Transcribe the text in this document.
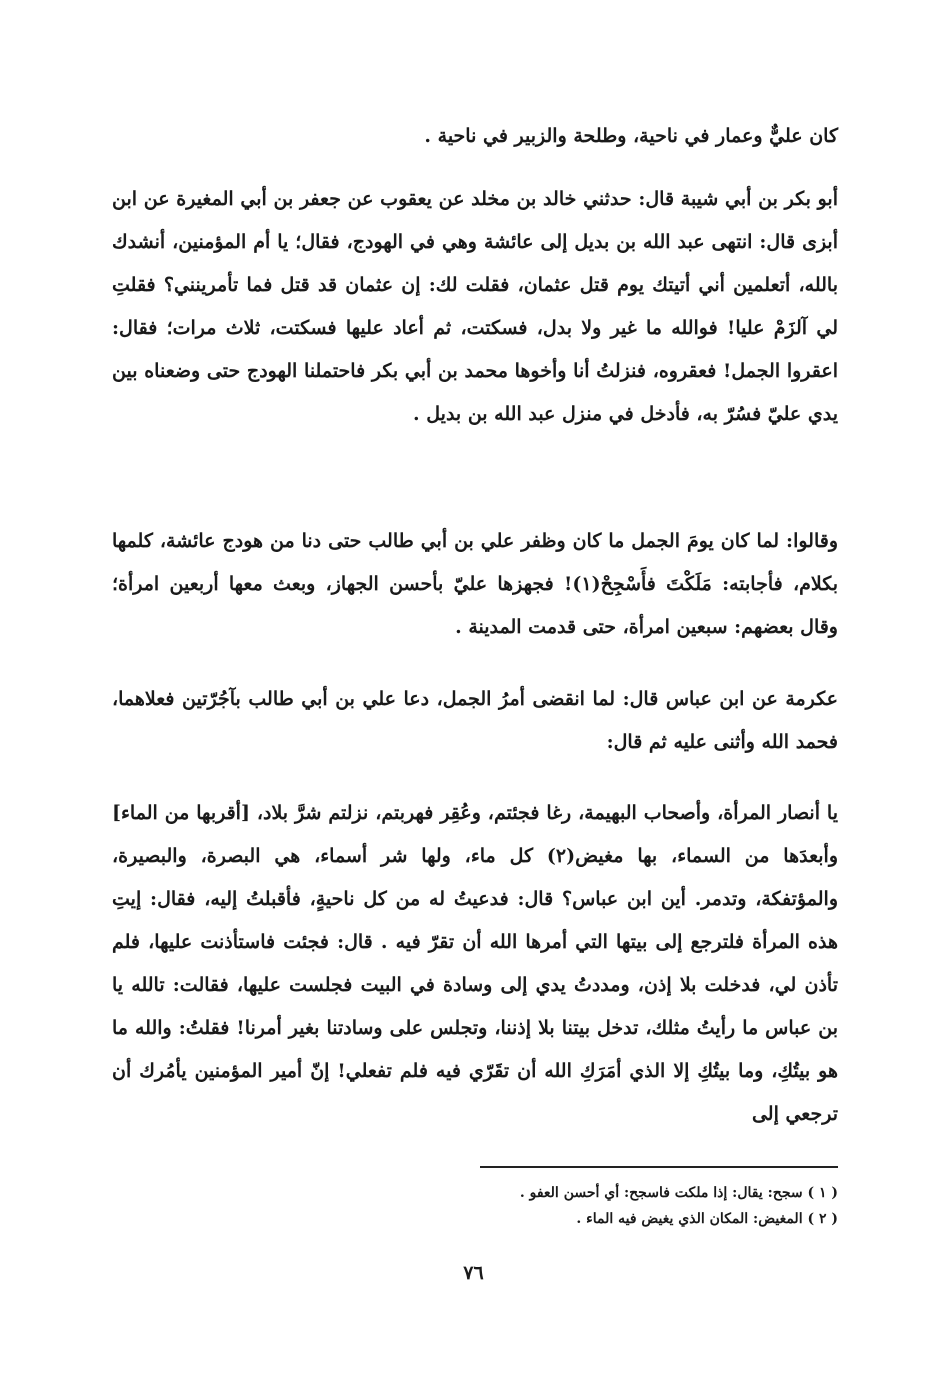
كان عليٌّ وعمار في ناحية، وطلحة والزبير في ناحية .

أبو بكر بن أبي شيبة قال: حدثني خالد بن مخلد عن يعقوب عن جعفر بن أبي المغيرة عن ابن أبزى قال: انتهى عبد الله بن بديل إلى عائشة وهي في الهودج، فقال؛ يا أم المؤمنين، أنشدك بالله، أتعلمين أني أتيتك يوم قتل عثمان، فقلت لك: إن عثمان قد قتل فما تأمرينني؟ فقلتِ لي آلزَمْ عليا! فوالله ما غير ولا بدل، فسكتت، ثم أعاد عليها فسكتت، ثلاث مرات؛ فقال: اعقروا الجمل! فعقروه، فنزلتُ أنا وأخوها محمد بن أبي بكر فاحتملنا الهودج حتى وضعناه بين يدي عليّ فسُرّ به، فأدخل في منزل عبد الله بن بديل .

وقالوا: لما كان يومَ الجمل ما كان وظفر علي بن أبي طالب حتى دنا من هودج عائشة، كلمها بكلام، فأجابته: مَلَكْتَ فأَسْجِحْ(١)! فجهزها عليّ بأحسن الجهاز، وبعث معها أربعين امرأة؛ وقال بعضهم: سبعين امرأة، حتى قدمت المدينة .

عكرمة عن ابن عباس قال: لما انقضى أمرُ الجمل، دعا علي بن أبي طالب بآجُرّتين فعلاهما، فحمد الله وأثنى عليه ثم قال:

يا أنصار المرأة، وأصحاب البهيمة، رغا فجئتم، وعُقِر فهربتم، نزلتم شرَّ بلاد، [أقربها من الماء] وأبعدَها من السماء، بها مغيض(٢) كل ماء، ولها شر أسماء، هي البصرة، والبصيرة، والمؤتفكة، وتدمر. أين ابن عباس؟ قال: فدعيتُ له من كل ناحيةٍ، فأقبلتُ إليه، فقال: إيتِ هذه المرأة فلترجع إلى بيتها التي أمرها الله أن تقرّ فيه . قال: فجئت فاستأذنت عليها، فلم تأذن لي، فدخلت بلا إذن، ومددتُ يدي إلى وسادة في البيت فجلست عليها، فقالت: تالله يا بن عباس ما رأيتُ مثلك، تدخل بيتنا بلا إذننا، وتجلس على وسادتنا بغير أمرنا! فقلتُ: والله ما هو بيتُكِ، وما بيتُكِ إلا الذي أمَرَكِ الله أن تقَرّي فيه فلم تفعلي! إنّ أمير المؤمنين يأمُرك أن ترجعي إلى

( ١ ) سجح: يقال: إذا ملكت فاسجح: أي أحسن العفو .
( ٢ ) المغيض: المكان الذي يغيض فيه الماء .
٧٦
